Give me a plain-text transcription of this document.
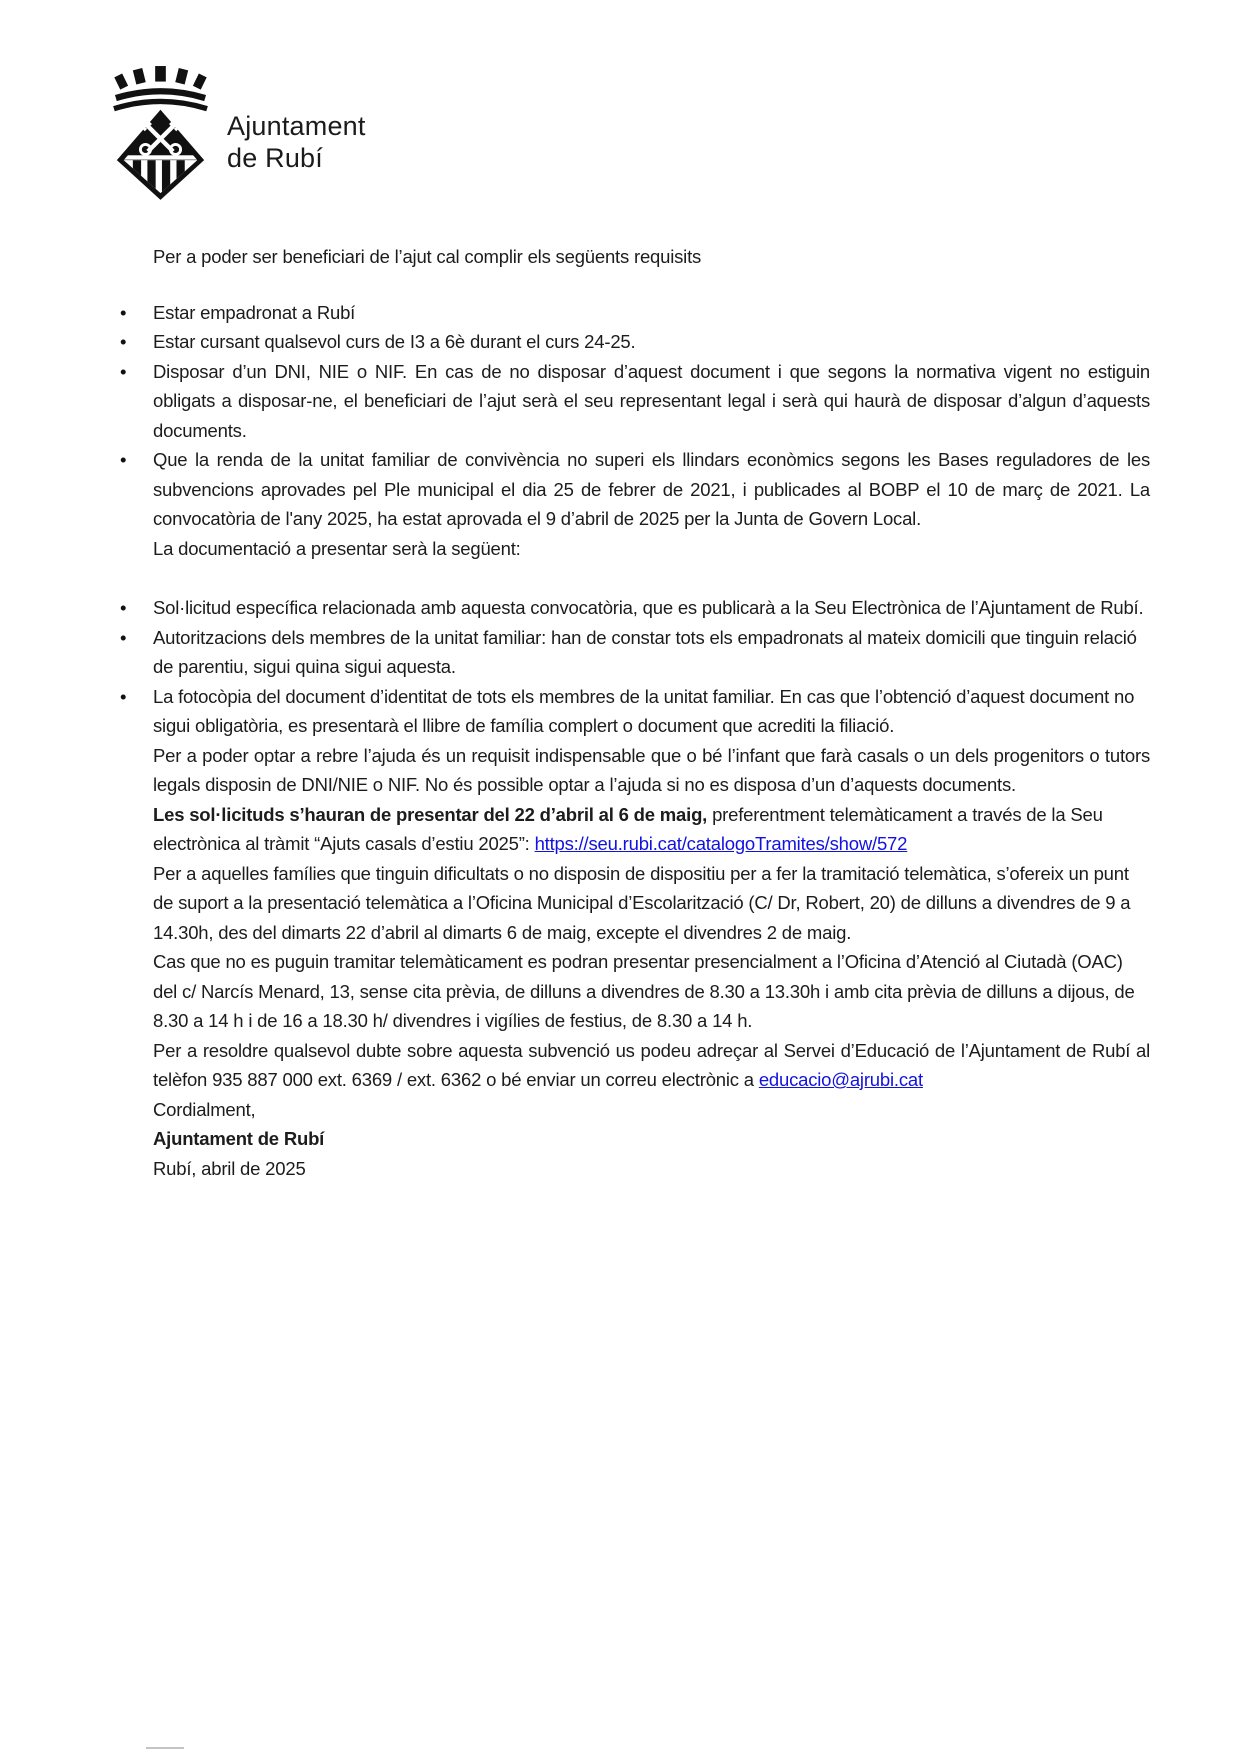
Ajuntament
de Rubí

Per a poder ser beneficiari de l’ajut cal complir els següents requisits

• Estar empadronat a Rubí
• Estar cursant qualsevol curs de I3 a 6è durant el curs 24-25.
• Disposar d’un DNI, NIE o NIF. En cas de no disposar d’aquest document i que segons la normativa vigent no estiguin obligats a disposar-ne, el beneficiari de l’ajut serà el seu representant legal i serà qui haurà de disposar d’algun d’aquests documents.
• Que la renda de la unitat familiar de convivència no superi els llindars econòmics segons les Bases reguladores de les subvencions aprovades pel Ple municipal el dia 25 de febrer de 2021, i publicades al BOBP el 10 de març de 2021. La convocatòria de l'any 2025, ha estat aprovada el 9 d’abril de 2025 per la Junta de Govern Local.

La documentació a presentar serà la següent:

• Sol·licitud específica relacionada amb aquesta convocatòria, que es publicarà a la Seu Electrònica de l’Ajuntament de Rubí.
• Autoritzacions dels membres de la unitat familiar: han de constar tots els empadronats al mateix domicili que tinguin relació de parentiu, sigui quina sigui aquesta.
• La fotocòpia del document d’identitat de tots els membres de la unitat familiar. En cas que l’obtenció d’aquest document no sigui obligatòria, es presentarà el llibre de família complert o document que acrediti la filiació.

Per a poder optar a rebre l’ajuda és un requisit indispensable que o bé l’infant que farà casals o un dels progenitors o tutors legals disposin de DNI/NIE o NIF. No és possible optar a l’ajuda si no es disposa d’un d’aquests documents.

Les sol·licituds s’hauran de presentar del 22 d’abril al 6 de maig, preferentment telemàticament a través de la Seu electrònica al tràmit “Ajuts casals d’estiu 2025”: https://seu.rubi.cat/catalogoTramites/show/572

Per a aquelles famílies que tinguin dificultats o no disposin de dispositiu per a fer la tramitació telemàtica, s’ofereix un punt de suport a la presentació telemàtica a l’Oficina Municipal d’Escolarització (C/ Dr, Robert, 20) de dilluns a divendres de 9 a 14.30h, des del dimarts 22 d’abril al dimarts 6 de maig, excepte el divendres 2 de maig.

Cas que no es puguin tramitar telemàticament es podran presentar presencialment a l’Oficina d’Atenció al Ciutadà (OAC) del c/ Narcís Menard, 13, sense cita prèvia, de dilluns a divendres de 8.30 a 13.30h i amb cita prèvia de dilluns a dijous, de 8.30 a 14 h i de 16 a 18.30 h/ divendres i vigílies de festius, de 8.30 a 14 h.

Per a resoldre qualsevol dubte sobre aquesta subvenció us podeu adreçar al Servei d’Educació de l’Ajuntament de Rubí al telèfon 935 887 000 ext. 6369 / ext. 6362 o bé enviar un correu electrònic a educacio@ajrubi.cat

Cordialment,

Ajuntament de Rubí

Rubí, abril de 2025
